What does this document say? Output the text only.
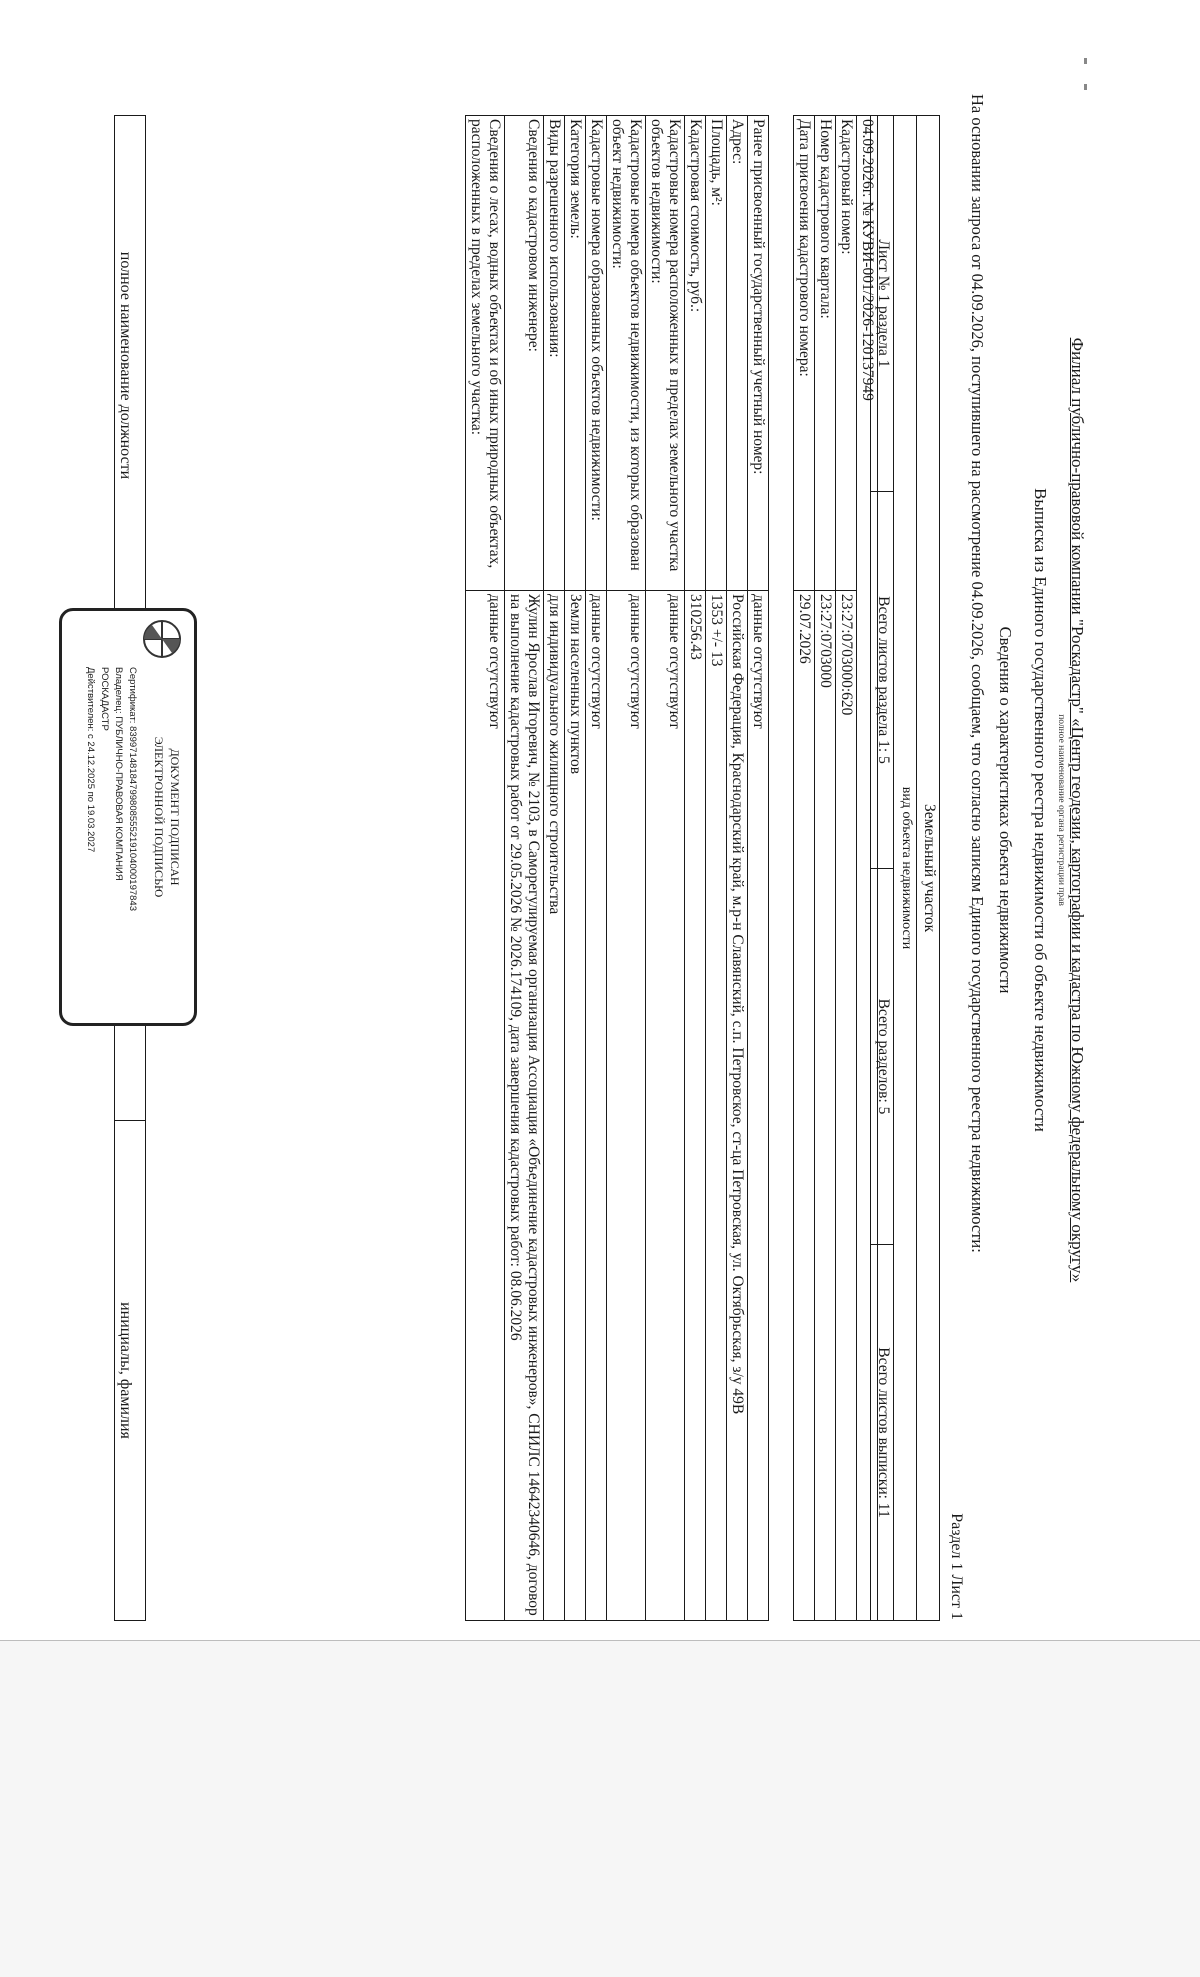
Филиал публично-правовой компании "Роскадастр" «Центр геодезии, картографии и кадастра по Южному федеральному округу»
полное наименование органа регистрации прав
Выписка из Единого государственного реестра недвижимости об объекте недвижимости
Сведения о характеристиках объекта недвижимости
Раздел 1 Лист 1
На основании запроса от 04.09.2026, поступившего на рассмотрение 04.09.2026, сообщаем, что согласно записям Единого государственного реестра недвижимости:
Земельный участок
вид объекта недвижимости
Лист № 1 раздела 1	Всего листов раздела 1: 5	Всего разделов: 5	Всего листов выписки: 11
04.09.2026г. № КУВИ-001/2026-120137949	
Кадастровый номер:	23:27:0703000:620
Номер кадастрового квартала:	23:27:0703000
Дата присвоения кадастрового номера:	29.07.2026
Ранее присвоенный государственный учетный номер:	данные отсутствуют
Адрес:	Российская Федерация, Краснодарский край, м.р-н Славянский, с.п. Петровское, ст-ца Петровская, ул. Октябрьская, з/у 49В
Площадь, м²:	1353 +/- 13
Кадастровая стоимость, руб.:	310256.43
Кадастровые номера расположенных в пределах земельного участка объектов недвижимости:	данные отсутствуют
Кадастровые номера объектов недвижимости, из которых образован объект недвижимости:	данные отсутствуют
Кадастровые номера образованных объектов недвижимости:	данные отсутствуют
Категория земель:	Земли населенных пунктов
Виды разрешенного использования:	для индивидуального жилищного строительства
Сведения о кадастровом инженере:	Жулин Ярослав Игоревич, № 2103, в Саморегулируемая организация Ассоциация «Объединение кадастровых инженеров», СНИЛС 14642340646, договор на выполнение кадастровых работ от 29.05.2026 № 2026.174109, дата завершения кадастровых работ: 08.06.2026
Сведения о лесах, водных объектах и об иных природных объектах, расположенных в пределах земельного участка:	данные отсутствуют
полное наименование должности		инициалы, фамилия
ДОКУМЕНТ ПОДПИСАН
ЭЛЕКТРОННОЙ ПОДПИСЬЮ
Сертификат: 83997148184799808555219104000197843
Владелец: ПУБЛИЧНО-ПРАВОВАЯ КОМПАНИЯ
РОСКАДАСТР
Действителен: с 24.12.2025 по 19.03.2027
